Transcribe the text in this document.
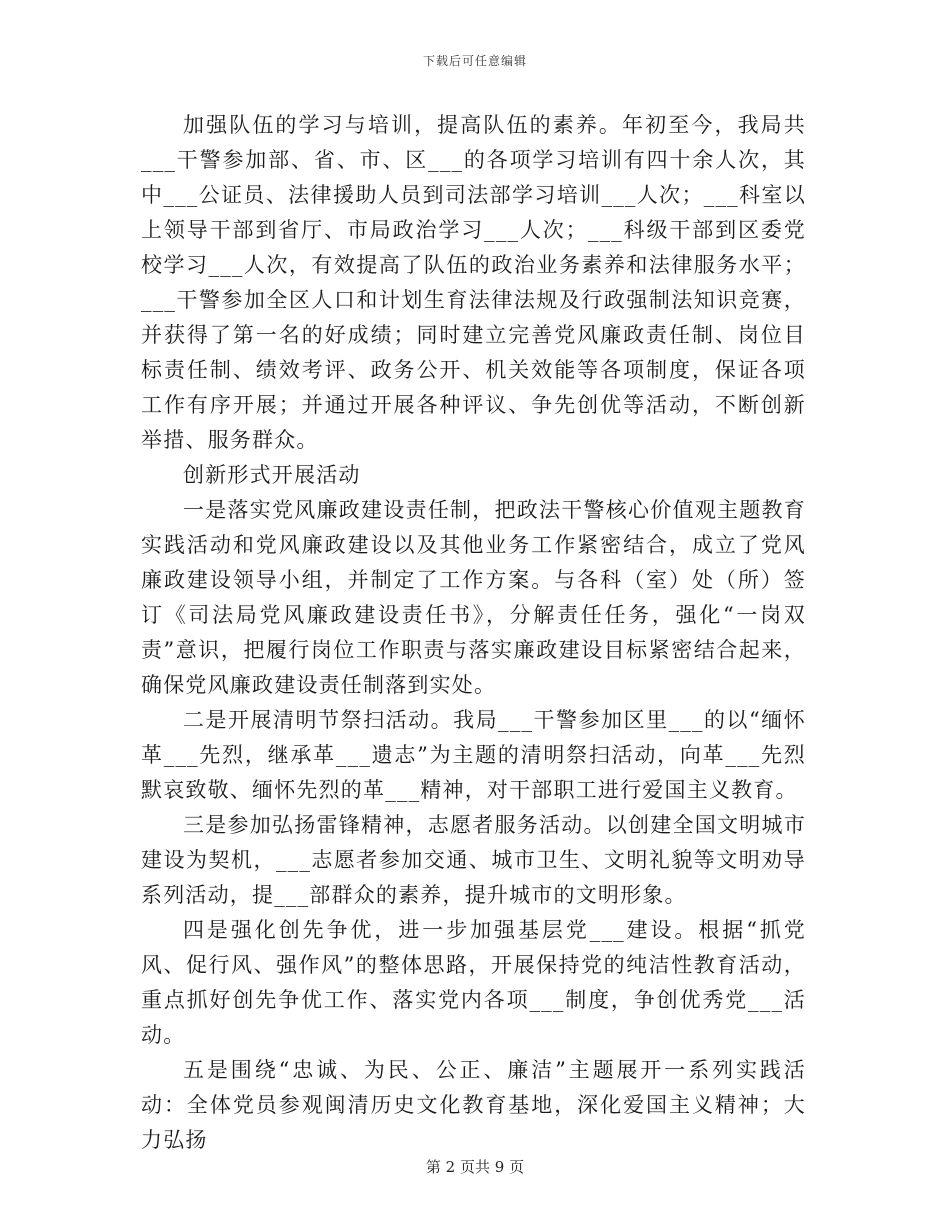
下载后可任意编辑

加强队伍的学习与培训，提高队伍的素养。年初至今，我局共___干警参加部、省、市、区___的各项学习培训有四十余人次，其中___公证员、法律援助人员到司法部学习培训___人次；___科室以上领导干部到省厅、市局政治学习___人次；___科级干部到区委党校学习___人次，有效提高了队伍的政治业务素养和法律服务水平；___干警参加全区人口和计划生育法律法规及行政强制法知识竞赛，并获得了第一名的好成绩；同时建立完善党风廉政责任制、岗位目标责任制、绩效考评、政务公开、机关效能等各项制度，保证各项工作有序开展；并通过开展各种评议、争先创优等活动，不断创新举措、服务群众。

创新形式开展活动

一是落实党风廉政建设责任制，把政法干警核心价值观主题教育实践活动和党风廉政建设以及其他业务工作紧密结合，成立了党风廉政建设领导小组，并制定了工作方案。与各科（室）处（所）签订《司法局党风廉政建设责任书》，分解责任任务，强化“一岗双责”意识，把履行岗位工作职责与落实廉政建设目标紧密结合起来，确保党风廉政建设责任制落到实处。

二是开展清明节祭扫活动。我局___干警参加区里___的以“缅怀革___先烈，继承革___遗志”为主题的清明祭扫活动，向革___先烈默哀致敬、缅怀先烈的革___精神，对干部职工进行爱国主义教育。

三是参加弘扬雷锋精神，志愿者服务活动。以创建全国文明城市建设为契机，___志愿者参加交通、城市卫生、文明礼貌等文明劝导系列活动，提___部群众的素养，提升城市的文明形象。

四是强化创先争优，进一步加强基层党___建设。根据“抓党风、促行风、强作风”的整体思路，开展保持党的纯洁性教育活动，重点抓好创先争优工作、落实党内各项___制度，争创优秀党___活动。

五是围绕“忠诚、为民、公正、廉洁”主题展开一系列实践活动：全体党员参观闽清历史文化教育基地，深化爱国主义精神；大力弘扬

第 2 页共 9 页
